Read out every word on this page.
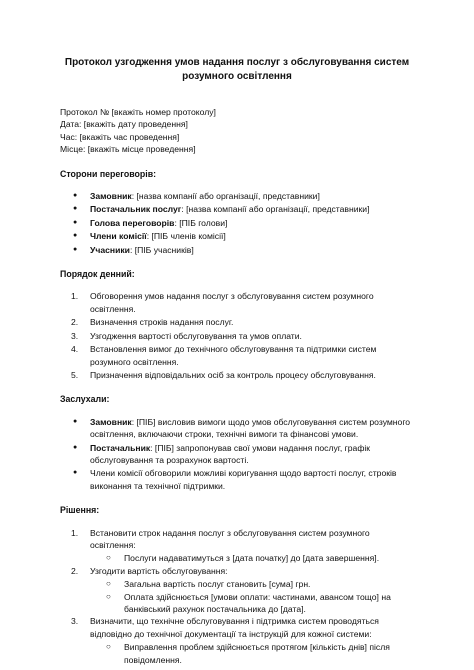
Протокол узгодження умов надання послуг з обслуговування систем розумного освітлення
Протокол № [вкажіть номер протоколу]
Дата: [вкажіть дату проведення]
Час: [вкажіть час проведення]
Місце: [вкажіть місце проведення]
Сторони переговорів:
● Замовник: [назва компанії або організації, представники]
● Постачальник послуг: [назва компанії або організації, представники]
● Голова переговорів: [ПІБ голови]
● Члени комісії: [ПІБ членів комісії]
● Учасники: [ПІБ учасників]
Порядок денний:
1. Обговорення умов надання послуг з обслуговування систем розумного освітлення.
2. Визначення строків надання послуг.
3. Узгодження вартості обслуговування та умов оплати.
4. Встановлення вимог до технічного обслуговування та підтримки систем розумного освітлення.
5. Призначення відповідальних осіб за контроль процесу обслуговування.
Заслухали:
● Замовник: [ПІБ] висловив вимоги щодо умов обслуговування систем розумного освітлення, включаючи строки, технічні вимоги та фінансові умови.
● Постачальник: [ПІБ] запропонував свої умови надання послуг, графік обслуговування та розрахунок вартості.
● Члени комісії обговорили можливі коригування щодо вартості послуг, строків виконання та технічної підтримки.
Рішення:
1. Встановити строк надання послуг з обслуговування систем розумного освітлення:
○ Послуги надаватимуться з [дата початку] до [дата завершення].
2. Узгодити вартість обслуговування:
○ Загальна вартість послуг становить [сума] грн.
○ Оплата здійснюється [умови оплати: частинами, авансом тощо] на банківський рахунок постачальника до [дата].
3. Визначити, що технічне обслуговування і підтримка систем проводяться відповідно до технічної документації та інструкцій для кожної системи:
○ Виправлення проблем здійснюється протягом [кількість днів] після повідомлення.
